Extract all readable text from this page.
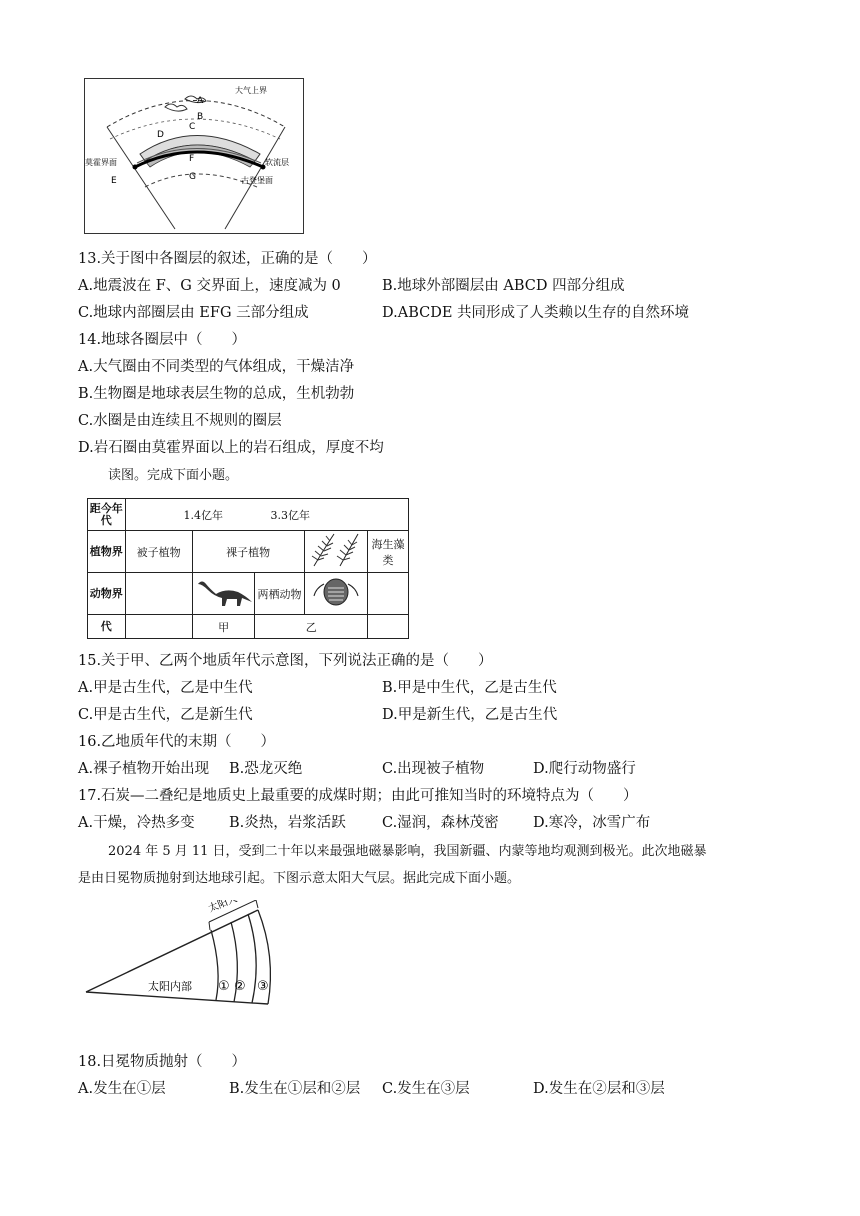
大气上界
A
B
C
D
E
F
G
莫霍界面	软流层
古登堡面
13.关于图中各圈层的叙述，正确的是（　　）
A.地震波在 F、G 交界面上，速度减为 0	B.地球外部圈层由 ABCD 四部分组成
C.地球内部圈层由 EFG 三部分组成	D.ABCDE 共同形成了人类赖以生存的自然环境
14.地球各圈层中（　　）
A.大气圈由不同类型的气体组成，干燥洁净
B.生物圈是地球表层生物的总成，生机勃勃
C.水圈是由连续且不规则的圈层
D.岩石圈由莫霍界面以上的岩石组成，厚度不均
读图。完成下面小题。
距今年代	1.4亿年 3.3亿年				
植物界	被子植物	裸子植物			海生藻类
动物界			两栖动物		
代		甲	乙		
15.关于甲、乙两个地质年代示意图，下列说法正确的是（　　）
A.甲是古生代，乙是中生代	B.甲是中生代，乙是古生代
C.甲是古生代，乙是新生代	D.甲是新生代，乙是古生代
16.乙地质年代的末期（　　）
A.裸子植物开始出现 B.恐龙灭绝	C.出现被子植物	D.爬行动物盛行
17.石炭—二叠纪是地质史上最重要的成煤时期；由此可推知当时的环境特点为（　　）
A.干燥，冷热多变 B.炎热，岩浆活跃 C.湿润，森林茂密 D.寒冷，冰雪广布
2024 年 5 月 11 日，受到二十年以来最强地磁暴影响，我国新疆、内蒙等地均观测到极光。此次地磁暴
是由日冕物质抛射到达地球引起。下图示意太阳大气层。据此完成下面小题。
太阳大气
太阳内部 ① ② ③
18.日冕物质抛射（　　）
A.发生在①层	B.发生在①层和②层 C.发生在③层	D.发生在②层和③层
